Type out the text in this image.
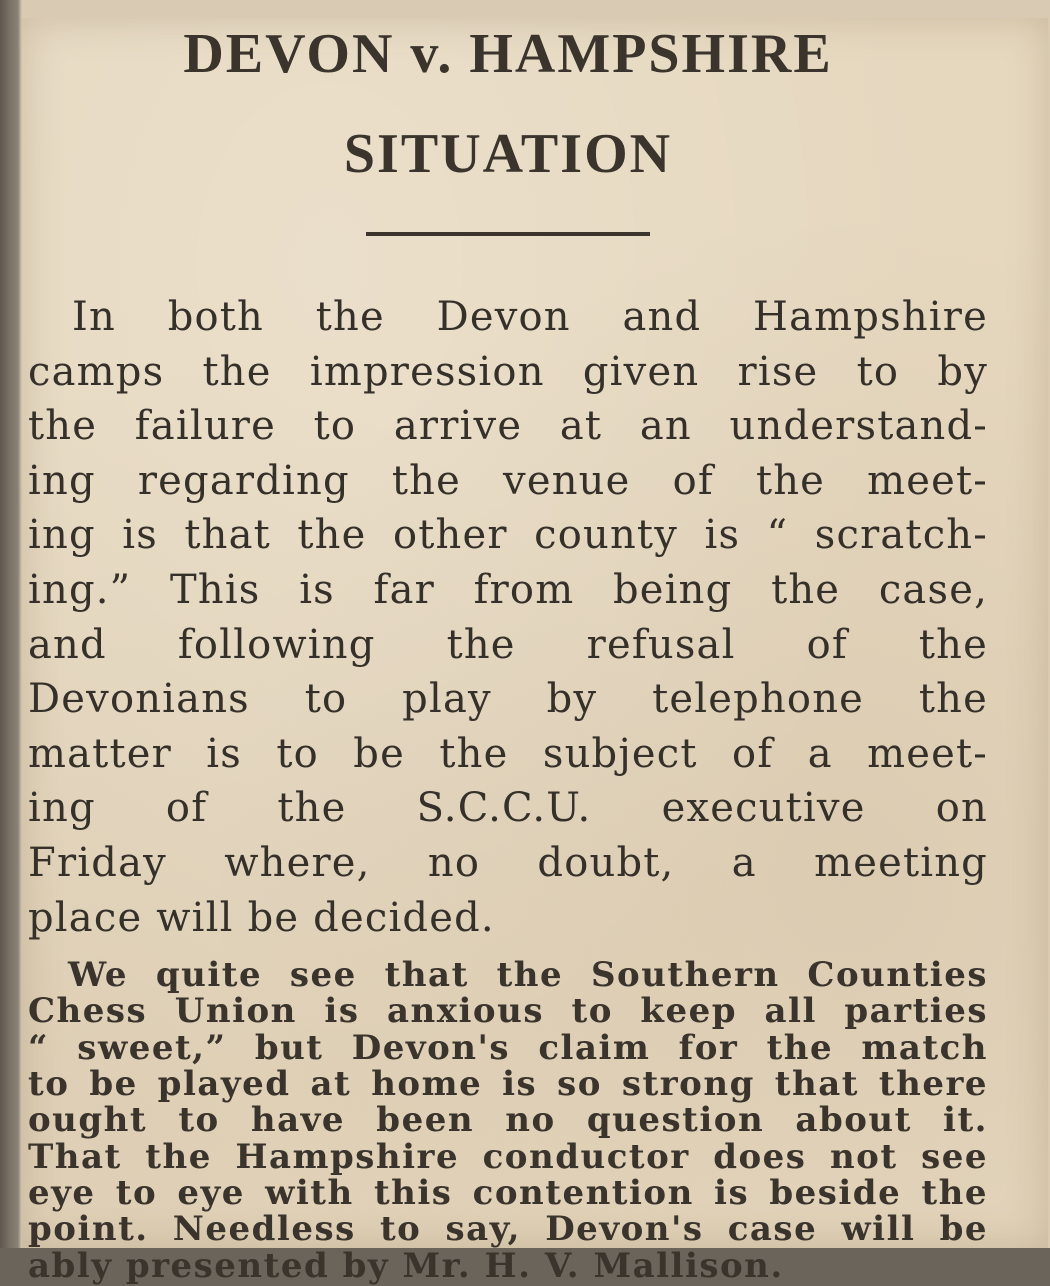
DEVON v. HAMPSHIRE
SITUATION
In both the Devon and Hampshire
camps the impression given rise to by
the failure to arrive at an understand-
ing regarding the venue of the meet-
ing is that the other county is “ scratch-
ing.” This is far from being the case,
and following the refusal of the
Devonians to play by telephone the
matter is to be the subject of a meet-
ing of the S.C.C.U. executive on
Friday where, no doubt, a meeting
place will be decided.
We quite see that the Southern Counties
Chess Union is anxious to keep all parties
“ sweet,” but Devon's claim for the match
to be played at home is so strong that there
ought to have been no question about it.
That the Hampshire conductor does not see
eye to eye with this contention is beside the
point. Needless to say, Devon's case will be
ably presented by Mr. H. V. Mallison.
